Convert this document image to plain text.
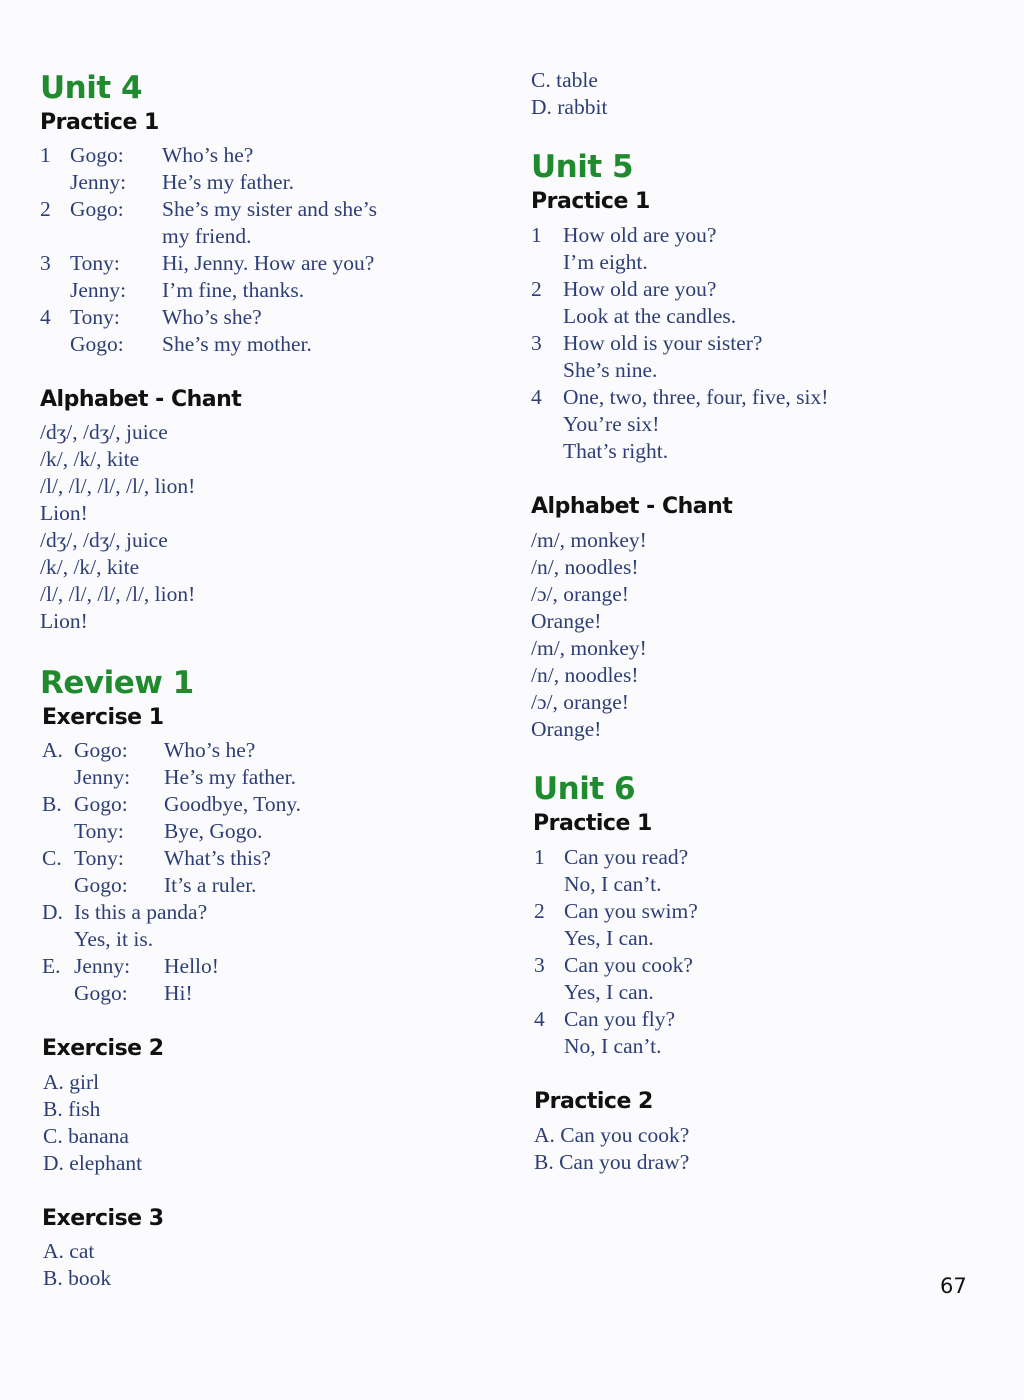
Unit 4
Practice 1
1 Gogo: Who’s he?
Jenny: He’s my father.
2 Gogo: She’s my sister and she’s
my friend.
3 Tony: Hi, Jenny. How are you?
Jenny: I’m fine, thanks.
4 Tony: Who’s she?
Gogo: She’s my mother.
Alphabet - Chant
/dʒ/, /dʒ/, juice
/k/, /k/, kite
/l/, /l/, /l/, /l/, lion!
Lion!
/dʒ/, /dʒ/, juice
/k/, /k/, kite
/l/, /l/, /l/, /l/, lion!
Lion!
Review 1
Exercise 1
A. Gogo: Who’s he?
Jenny: He’s my father.
B. Gogo: Goodbye, Tony.
Tony: Bye, Gogo.
C. Tony: What’s this?
Gogo: It’s a ruler.
D. Is this a panda?
Yes, it is.
E. Jenny: Hello!
Gogo: Hi!
Exercise 2
A. girl
B. fish
C. banana
D. elephant
Exercise 3
A. cat
B. book
C. table
D. rabbit
Unit 5
Practice 1
1 How old are you?
I’m eight.
2 How old are you?
Look at the candles.
3 How old is your sister?
She’s nine.
4 One, two, three, four, five, six!
You’re six!
That’s right.
Alphabet - Chant
/m/, monkey!
/n/, noodles!
/ɔ/, orange!
Orange!
/m/, monkey!
/n/, noodles!
/ɔ/, orange!
Orange!
Unit 6
Practice 1
1 Can you read?
No, I can’t.
2 Can you swim?
Yes, I can.
3 Can you cook?
Yes, I can.
4 Can you fly?
No, I can’t.
Practice 2
A. Can you cook?
B. Can you draw?
67
